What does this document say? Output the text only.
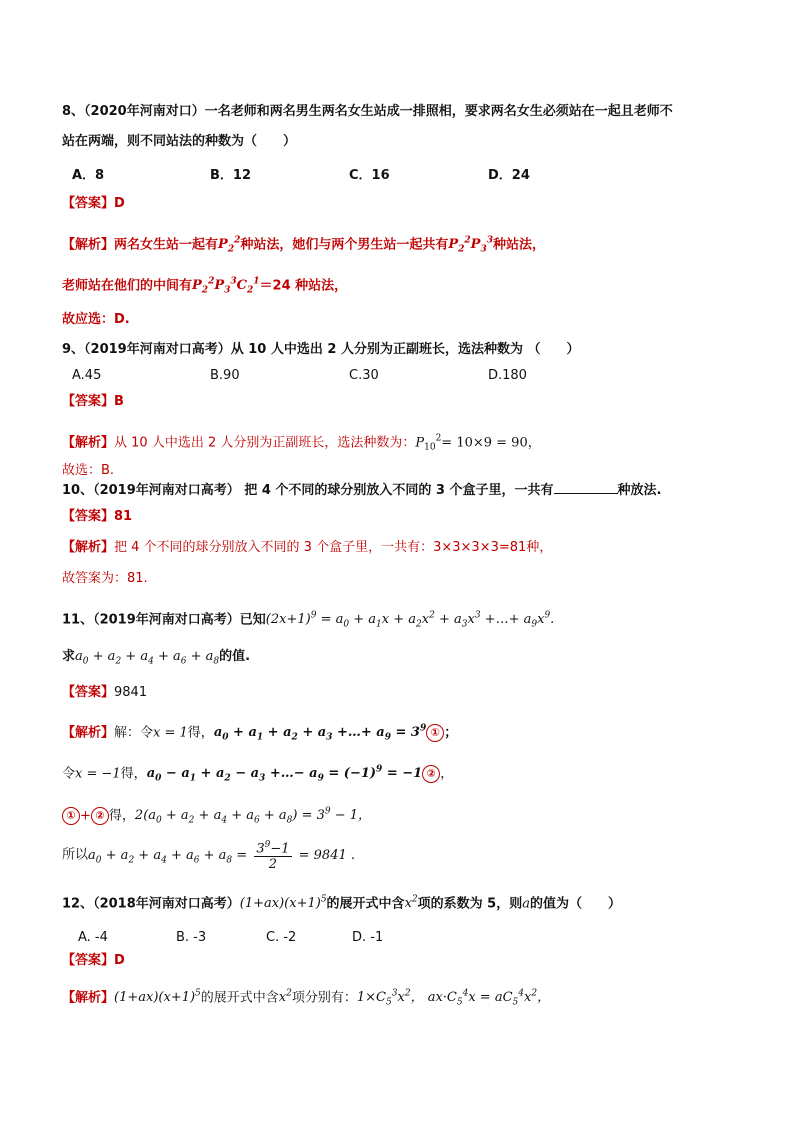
8、（2020年河南对口）一名老师和两名男生两名女生站成一排照相，要求两名女生必须站在一起且老师不
站在两端，则不同站法的种数为（　　）
A．8	B．12	C．16	D．24
【答案】D
【解析】两名女生站一起有$P_2^2$种站法，她们与两个男生站一起共有$P_2^2P_3^3$种站法，
老师站在他们的中间有$P_2^2P_3^3C_2^1=24$ 种站法，
故应选：D.
9、（2019年河南对口高考）从 10 人中选出 2 人分别为正副班长，选法种数为 （　　）
A.45	B.90	C.30	D.180
【答案】B
【解析】从 10 人中选出 2 人分别为正副班长，选法种数为：$P_{10}^2= 10\times 9 = 90$，
故选：B.
10、（2019年河南对口高考） 把 4 个不同的球分别放入不同的 3 个盒子里，一共有	种放法.
【答案】81
【解析】把 4 个不同的球分别放入不同的 3 个盒子里，一共有：3×3×3×3=81种，
故答案为：81.
11、（2019年河南对口高考）已知$(2x+1)^9 = a_0 + a_1x + a_2x^2 + a_3x^3$ +…+ $a_9x^9$.
求$a_0 + a_2 + a_4 + a_6 + a_8$的值.
【答案】9841
【解析】解：令x = 1得，$a_0 + a_1 + a_2 + a_3$ +…+ $a_9 = 3^9$ ① ；
令x = −1得，$a_0 - a_1 + a_2 - a_3$ +…− $a_9 = (-1)^9 = -1$ ② ，
① + ② 得，$2(a_0 + a_2 + a_4 + a_6 + a_8) = 3^9 - 1$，
所以$a_0 + a_2 + a_4 + a_6 + a_8 = \frac{3^9-1}{2} = 9841$ .
12、（2018年河南对口高考）$(1+ax)(x+1)^5$的展开式中含$x^2$项的系数为 5，则a的值为（　　）
A. -4	B. -3	C. -2	D. -1
【答案】D
【解析】$(1+ax)(x+1)^5$的展开式中含$x^2$项分别有：$1\times C_5^3x^2$， $ax\cdot C_5^4x = aC_5^4x^2$，
